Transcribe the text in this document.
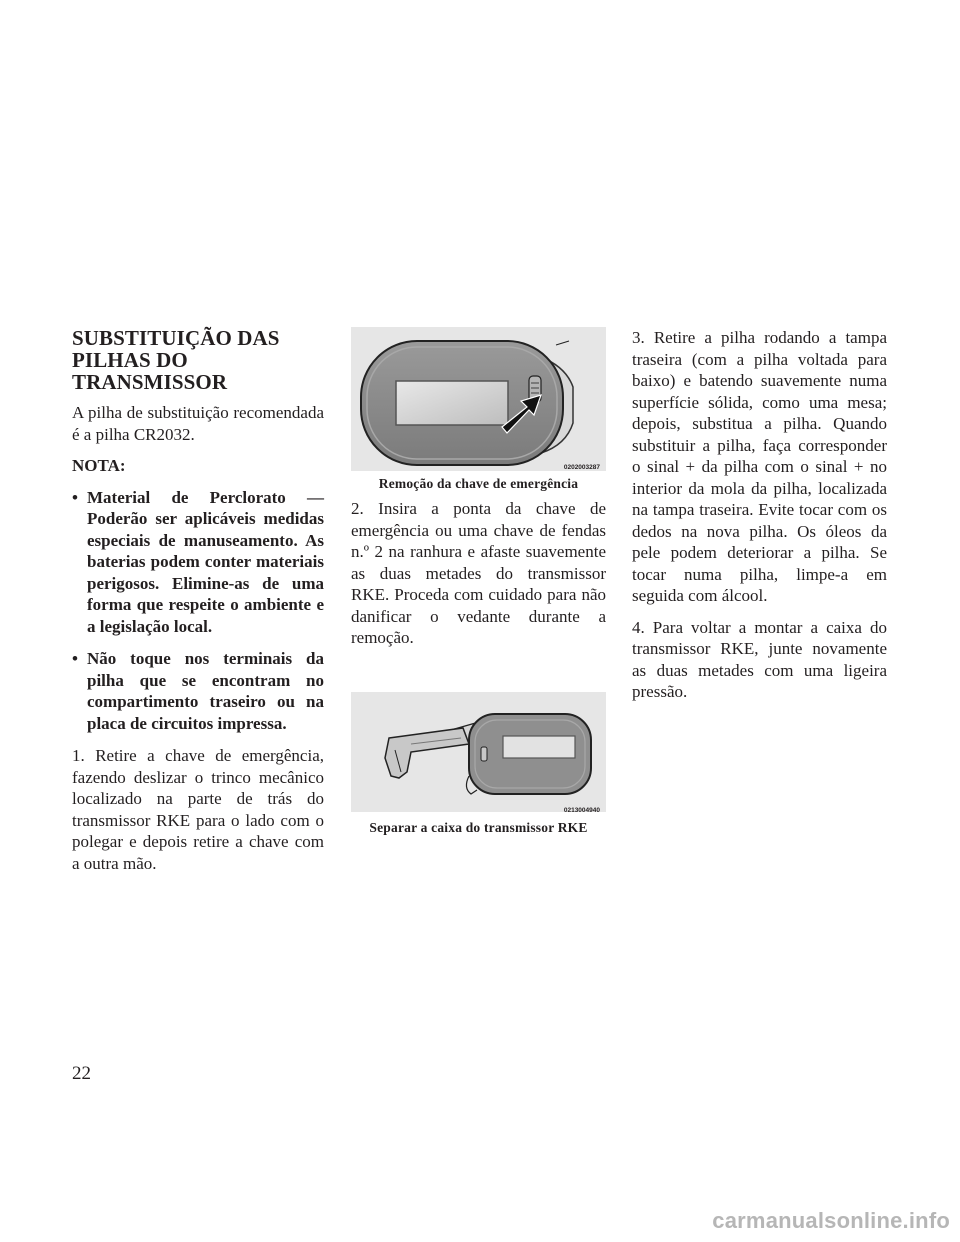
SUBSTITUIÇÃO DAS PILHAS DO TRANSMISSOR

A pilha de substituição recomendada é a pilha CR2032.

NOTA:
• Material de Perclorato — Poderão ser aplicáveis medidas especiais de manuseamento. As baterias podem conter materiais perigosos. Elimine-as de uma forma que respeite o ambiente e a legislação local.
• Não toque nos terminais da pilha que se encontram no compartimento traseiro ou na placa de circuitos impressa.

1. Retire a chave de emergência, fazendo deslizar o trinco mecânico localizado na parte de trás do transmissor RKE para o lado com o polegar e depois retire a chave com a outra mão.

0202003287
Remoção da chave de emergência

2. Insira a ponta da chave de emergência ou uma chave de fendas n.º 2 na ranhura e afaste suavemente as duas metades do transmissor RKE. Proceda com cuidado para não danificar o vedante durante a remoção.

0213004940
Separar a caixa do transmissor RKE

3. Retire a pilha rodando a tampa traseira (com a pilha voltada para baixo) e batendo suavemente numa superfície sólida, como uma mesa; depois, substitua a pilha. Quando substituir a pilha, faça corresponder o sinal + da pilha com o sinal + no interior da mola da pilha, localizada na tampa traseira. Evite tocar com os dedos na nova pilha. Os óleos da pele podem deteriorar a pilha. Se tocar numa pilha, limpe-a em seguida com álcool.

4. Para voltar a montar a caixa do transmissor RKE, junte novamente as duas metades com uma ligeira pressão.

22
carmanualsonline.info
